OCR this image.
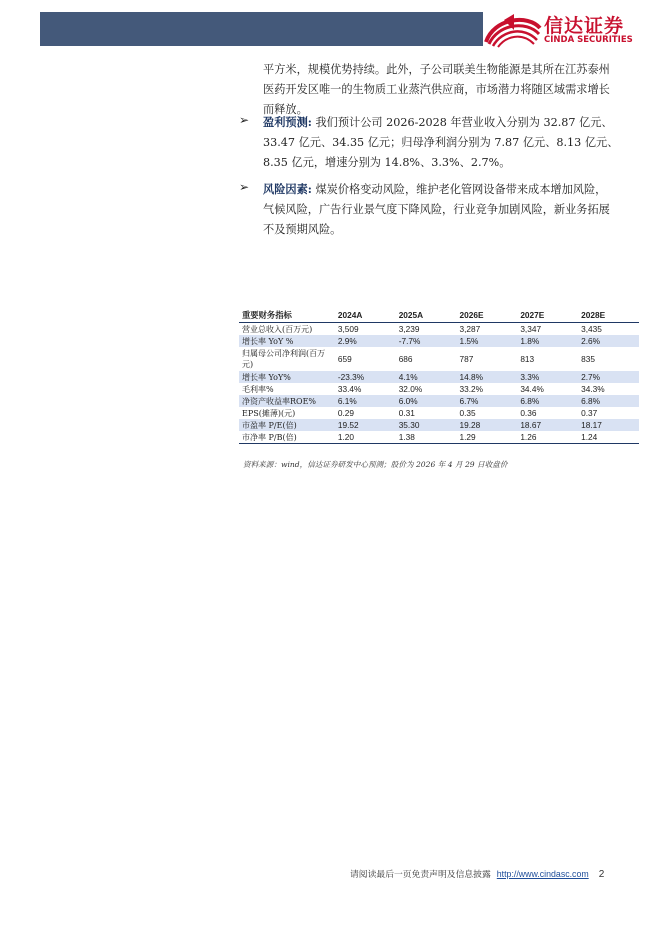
信达证券
CINDA SECURITIES
平方米，规模优势持续。此外，子公司联美生物能源是其所在江苏泰州
医药开发区唯一的生物质工业蒸汽供应商，市场潜力将随区域需求增长
而释放。
➢ 盈利预测: 我们预计公司 2026-2028 年营业收入分别为 32.87 亿元、
33.47 亿元、34.35 亿元；归母净利润分别为 7.87 亿元、8.13 亿元、
8.35 亿元，增速分别为 14.8%、3.3%、2.7%。
➢ 风险因素: 煤炭价格变动风险，维护老化管网设备带来成本增加风险，
气候风险，广告行业景气度下降风险，行业竞争加剧风险，新业务拓展
不及预期风险。
重要财务指标	2024A	2025A	2026E	2027E	2028E
营业总收入(百万元)	3,509	3,239	3,287	3,347	3,435
增长率 YoY %	2.9%	-7.7%	1.5%	1.8%	2.6%
归属母公司净利润(百万元)	659	686	787	813	835
增长率 YoY%	-23.3%	4.1%	14.8%	3.3%	2.7%
毛利率%	33.4%	32.0%	33.2%	34.4%	34.3%
净资产收益率ROE%	6.1%	6.0%	6.7%	6.8%	6.8%
EPS(摊薄)(元)	0.29	0.31	0.35	0.36	0.37
市盈率 P/E(倍)	19.52	35.30	19.28	18.67	18.17
市净率 P/B(倍)	1.20	1.38	1.29	1.26	1.24
资料来源：wind，信达证券研发中心预测；股价为 2026 年 4 月 29 日收盘价
请阅读最后一页免责声明及信息披露 http://www.cindasc.com 2
